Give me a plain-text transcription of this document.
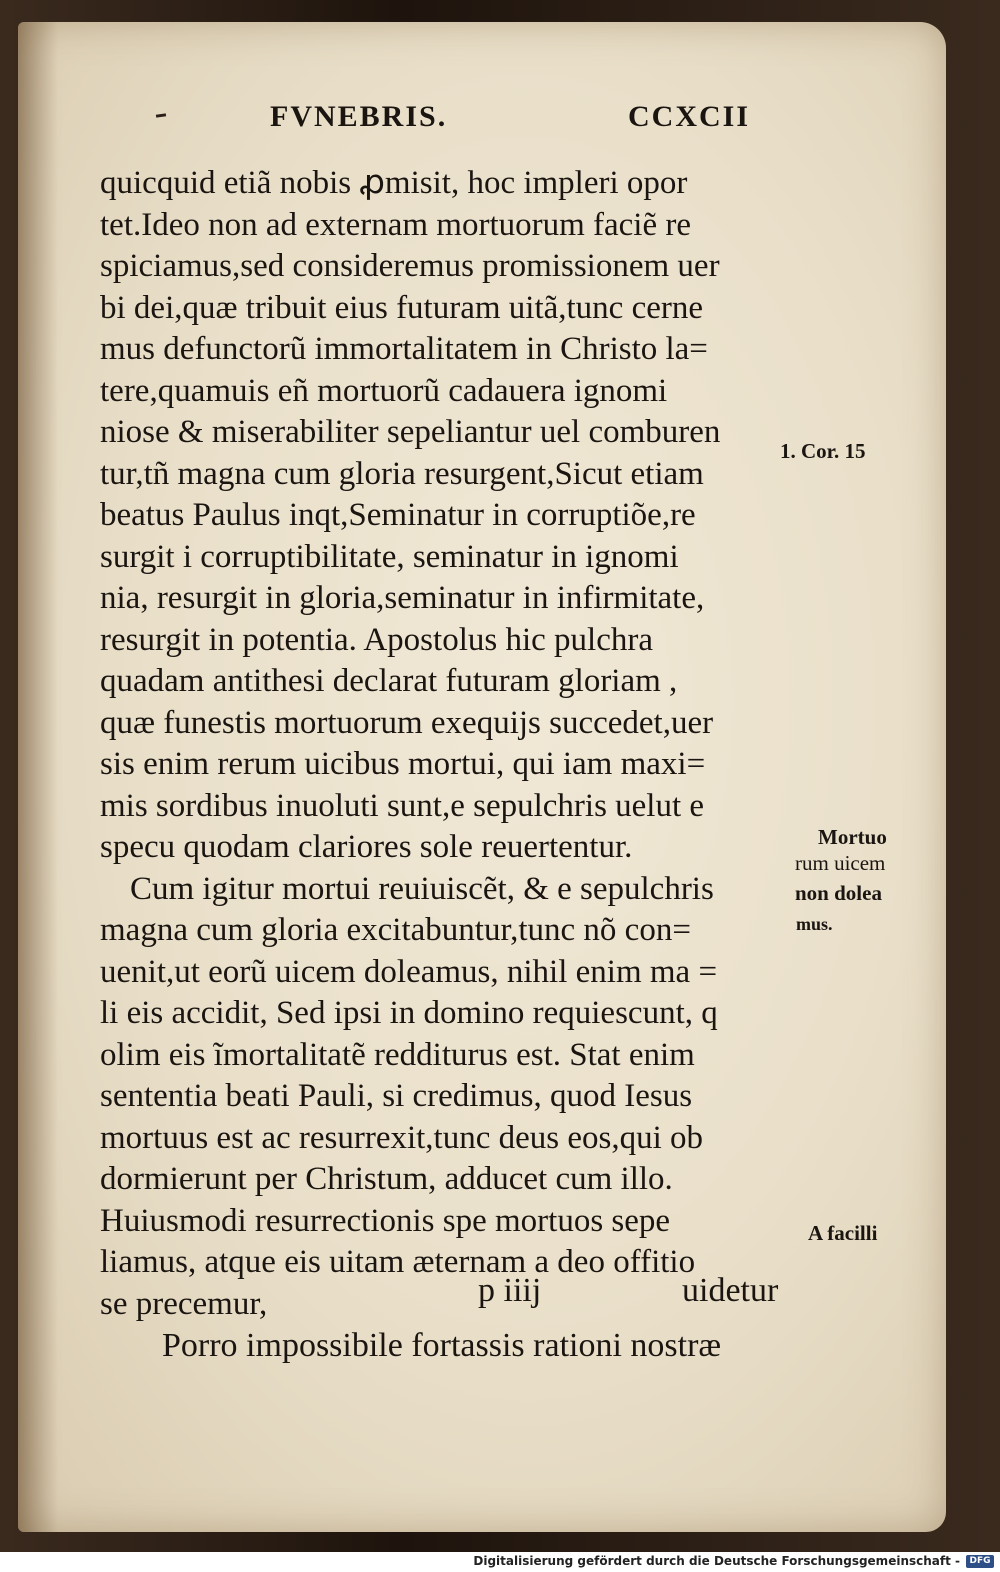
FVNEBRIS.	CCXCII
quicquid etiã nobis ꝓmisit, hoc impleri opor
tet.Ideo non ad externam mortuorum faciẽ re
spiciamus,sed consideremus promissionem uer
bi dei,quæ tribuit eius futuram uitã,tunc cerne
mus defunctorũ immortalitatem in Christo la=
tere,quamuis eñ mortuorũ cadauera ignomi
niose & miserabiliter sepeliantur uel comburen
tur,tñ magna cum gloria resurgent,Sicut etiam
beatus Paulus inqt,Seminatur in corruptiõe,re
surgit i corruptibilitate, seminatur in ignomi
nia, resurgit in gloria,seminatur in infirmitate,
resurgit in potentia. Apostolus hic pulchra
quadam antithesi declarat futuram gloriam ,
quæ funestis mortuorum exequijs succedet,uer
sis enim rerum uicibus mortui, qui iam maxi=
mis sordibus inuoluti sunt,e sepulchris uelut e
specu quodam clariores sole reuertentur.
Cum igitur mortui reuiuiscẽt, & e sepulchris
magna cum gloria excitabuntur,tunc nõ con=
uenit,ut eorũ uicem doleamus, nihil enim ma =
li eis accidit, Sed ipsi in domino requiescunt, q
olim eis ĩmortalitatẽ redditurus est. Stat enim
sententia beati Pauli, si credimus, quod Iesus
mortuus est ac resurrexit,tunc deus eos,qui ob
dormierunt per Christum, adducet cum illo.
Huiusmodi resurrectionis spe mortuos sepe
liamus, atque eis uitam æternam a deo offitio
se precemur,
Porro impossibile fortassis rationi nostræ
p iiij	uidetur
1. Cor. 15
Mortuo
rum uicem
non dolea
mus.
A facilli
Digitalisierung gefördert durch die Deutsche Forschungsgemeinschaft -	DFG
